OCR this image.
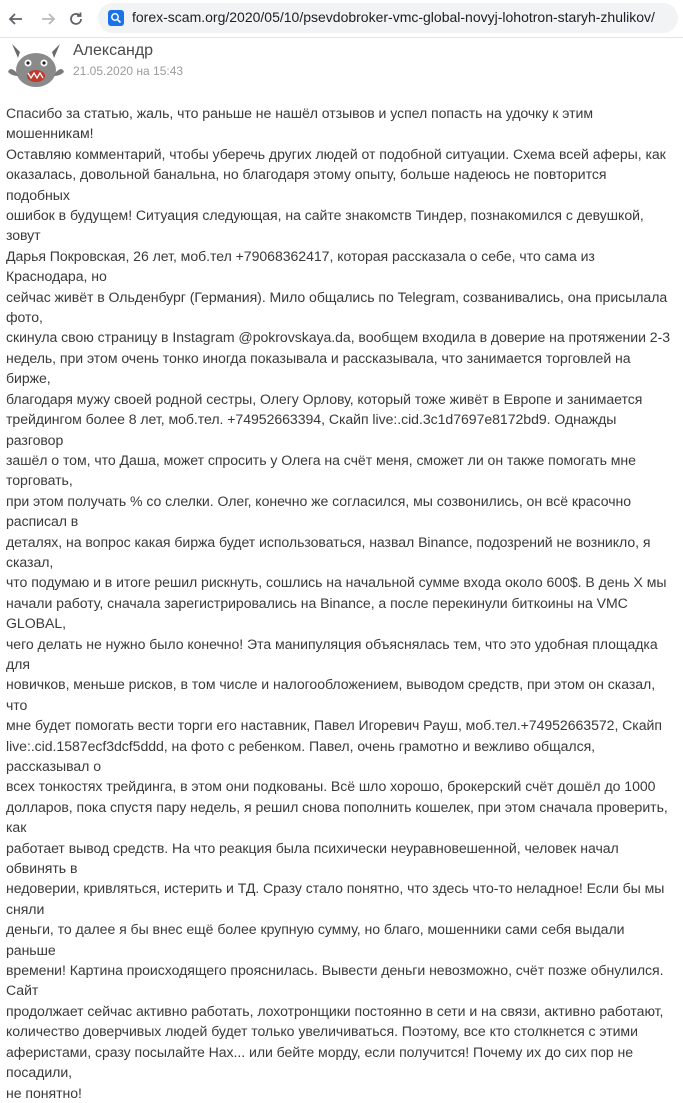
forex-scam.org/2020/05/10/psevdobroker-vmc-global-novyj-lohotron-staryh-zhulikov/
Александр
21.05.2020 на 15:43
Спасибо за статью, жаль, что раньше не нашёл отзывов и успел попасть на удочку к этим мошенникам!
Оставляю комментарий, чтобы уберечь других людей от подобной ситуации. Схема всей аферы, как
оказалась, довольной банальна, но благодаря этому опыту, больше надеюсь не повторится подобных
ошибок в будущем! Ситуация следующая, на сайте знакомств Тиндер, познакомился с девушкой, зовут
Дарья Покровская, 26 лет, моб.тел +79068362417, которая рассказала о себе, что сама из Краснодара, но
сейчас живёт в Ольденбург (Германия). Мило общались по Telegram, созванивались, она присылала фото,
скинула свою страницу в Instagram @pokrovskaya.da, вообщем входила в доверие на протяжении 2-3
недель, при этом очень тонко иногда показывала и рассказывала, что занимается торговлей на бирже,
благодаря мужу своей родной сестры, Олегу Орлову, который тоже живёт в Европе и занимается
трейдингом более 8 лет, моб.тел. +74952663394, Скайп live:.cid.3c1d7697e8172bd9. Однажды разговор
зашёл о том, что Даша, может спросить у Олега на счёт меня, сможет ли он также помогать мне торговать,
при этом получать % со слелки. Олег, конечно же согласился, мы созвонились, он всё красочно расписал в
деталях, на вопрос какая биржа будет использоваться, назвал Binance, подозрений не возникло, я сказал,
что подумаю и в итоге решил рискнуть, сошлись на начальной сумме входа около 600$. В день Х мы
начали работу, сначала зарегистрировались на Binance, а после перекинули биткоины на VMC GLOBAL,
чего делать не нужно было конечно! Эта манипуляция объяснялась тем, что это удобная площадка для
новичков, меньше рисков, в том числе и налогообложением, выводом средств, при этом он сказал, что
мне будет помогать вести торги его наставник, Павел Игоревич Рауш, моб.тел.+74952663572, Скайп
live:.cid.1587ecf3dcf5ddd, на фото с ребенком. Павел, очень грамотно и вежливо общался, рассказывал о
всех тонкостях трейдинга, в этом они подкованы. Всё шло хорошо, брокерский счёт дошёл до 1000
долларов, пока спустя пару недель, я решил снова пополнить кошелек, при этом сначала проверить, как
работает вывод средств. На что реакция была психически неуравновешенной, человек начал обвинять в
недоверии, кривляться, истерить и ТД. Сразу стало понятно, что здесь что-то неладное! Если бы мы сняли
деньги, то далее я бы внес ещё более крупную сумму, но благо, мошенники сами себя выдали раньше
времени! Картина происходящего прояснилась. Вывести деньги невозможно, счёт позже обнулился. Сайт
продолжает сейчас активно работать, лохотронщики постоянно в сети и на связи, активно работают,
количество доверчивых людей будет только увеличиваться. Поэтому, все кто столкнется с этими
аферистами, сразу посылайте Нах... или бейте морду, если получится! Почему их до сих пор не посадили,
не понятно!
